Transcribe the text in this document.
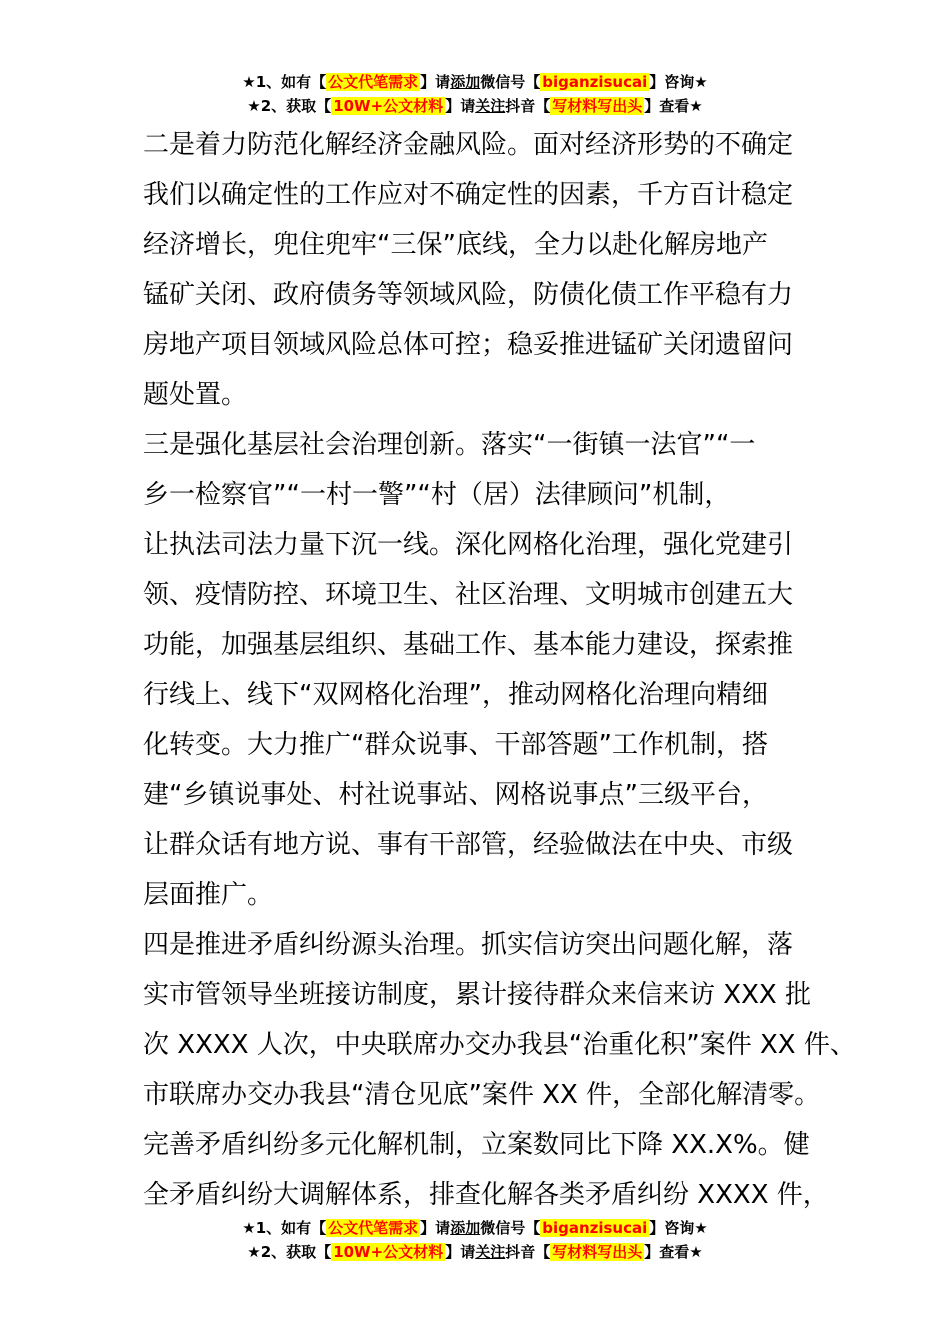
★1、如有【 公文代笔需求 】请添加微信号【 biganzisucai 】咨询★
★2、获取【 10W+公文材料 】请关注抖音【 写材料写出头 】查看★
二是着力防范化解经济金融风险。面对经济形势的不确定
我们以确定性的工作应对不确定性的因素，千方百计稳定
经济增长，兜住兜牢“三保”底线，全力以赴化解房地产
锰矿关闭、政府债务等领域风险，防债化债工作平稳有力
房地产项目领域风险总体可控；稳妥推进锰矿关闭遗留问
题处置。
三是强化基层社会治理创新。落实“一街镇一法官”“一
乡一检察官”“一村一警”“村（居）法律顾问”机制，
让执法司法力量下沉一线。深化网格化治理，强化党建引
领、疫情防控、环境卫生、社区治理、文明城市创建五大
功能，加强基层组织、基础工作、基本能力建设，探索推
行线上、线下“双网格化治理”，推动网格化治理向精细
化转变。大力推广“群众说事、干部答题”工作机制，搭
建“乡镇说事处、村社说事站、网格说事点”三级平台，
让群众话有地方说、事有干部管，经验做法在中央、市级
层面推广。
四是推进矛盾纠纷源头治理。抓实信访突出问题化解，落
实市管领导坐班接访制度，累计接待群众来信来访 XXX 批
次 XXXX 人次，中央联席办交办我县“治重化积”案件 XX 件、
市联席办交办我县“清仓见底”案件 XX 件，全部化解清零。
完善矛盾纠纷多元化解机制，立案数同比下降 XX.X%。健
全矛盾纠纷大调解体系，排查化解各类矛盾纠纷 XXXX 件，
★1、如有【 公文代笔需求 】请添加微信号【 biganzisucai 】咨询★
★2、获取【 10W+公文材料 】请关注抖音【 写材料写出头 】查看★
